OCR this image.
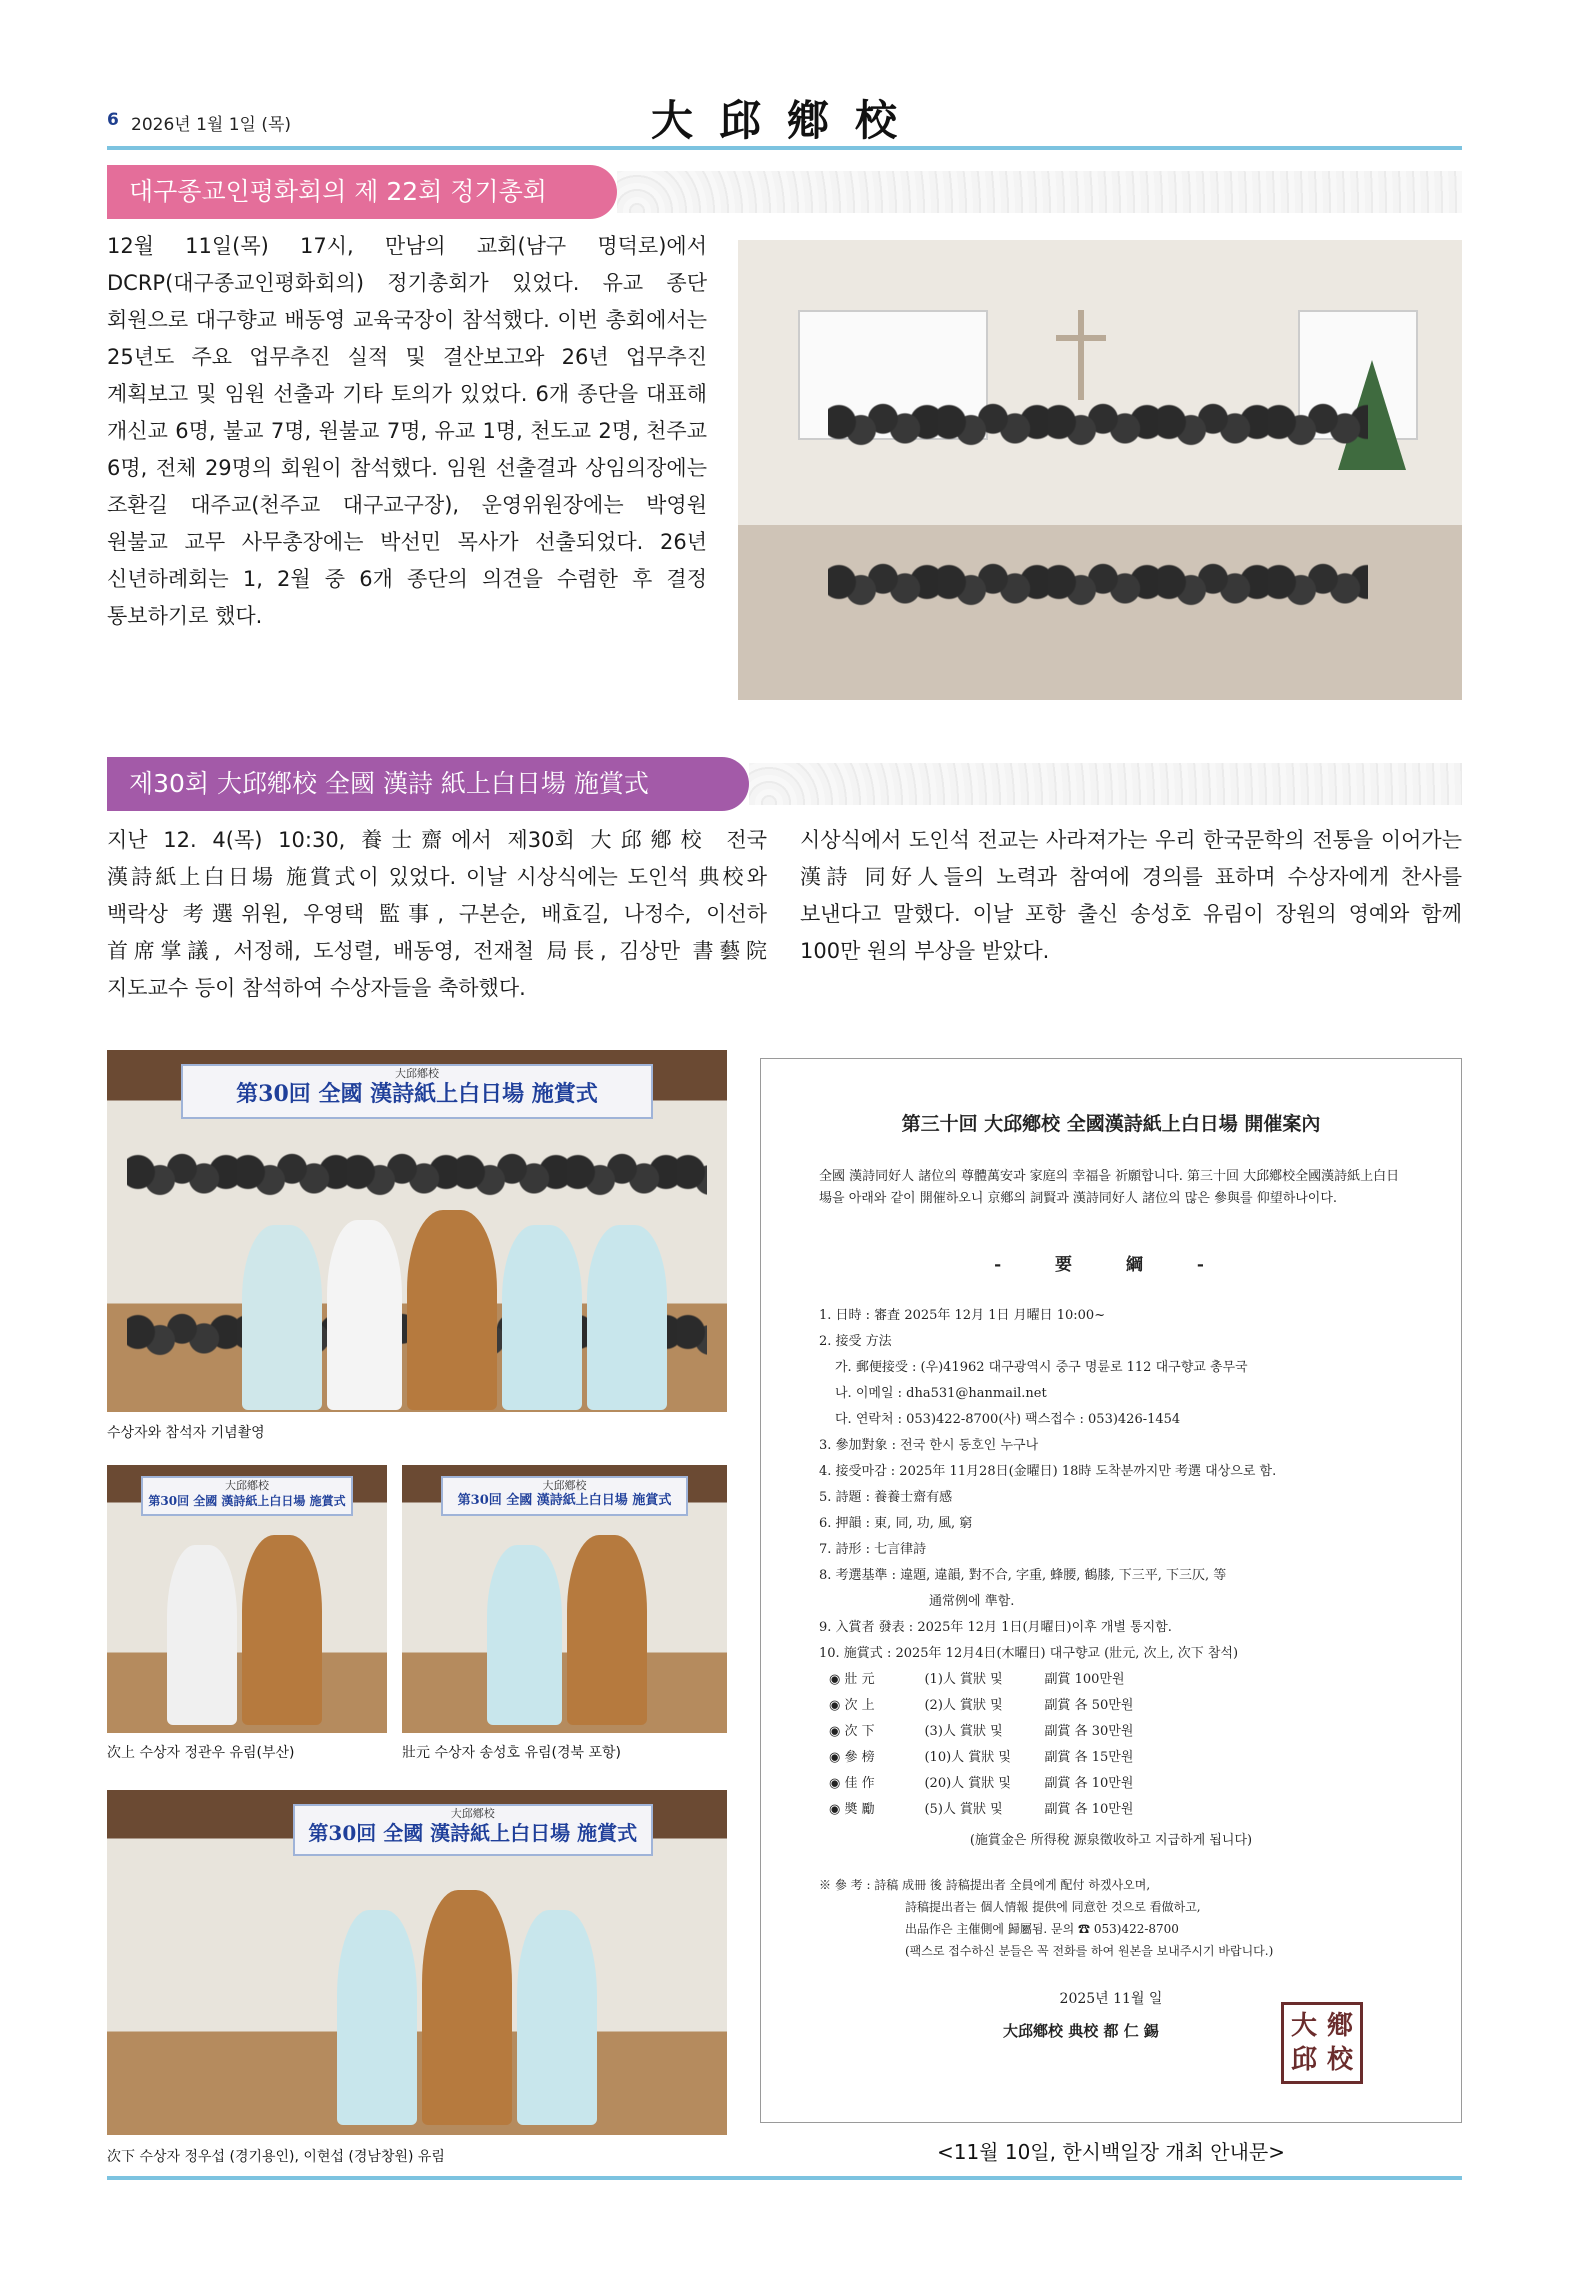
6 2026년 1월 1일 (목)	大邱鄕校
대구종교인평화회의 제 22회 정기총회

12월 11일(목) 17시, 만남의 교회(남구 명덕로)에서 DCRP(대구종교인평화회의) 정기총회가 있었다. 유교 종단 회원으로 대구향교 배동영 교육국장이 참석했다. 이번 총회에서는 25년도 주요 업무추진 실적 및 결산보고와 26년 업무추진 계획보고 및 임원 선출과 기타 토의가 있었다. 6개 종단을 대표해 개신교 6명, 불교 7명, 원불교 7명, 유교 1명, 천도교 2명, 천주교 6명, 전체 29명의 회원이 참석했다. 임원 선출결과 상임의장에는 조환길 대주교(천주교 대구교구장), 운영위원장에는 박영원 원불교 교무 사무총장에는 박선민 목사가 선출되었다. 26년 신년하례회는 1, 2월 중 6개 종단의 의견을 수렴한 후 결정 통보하기로 했다.

제30회 大邱鄕校 全國 漢詩 紙上白日場 施賞式

지난 12. 4(목) 10:30, 養士齋에서 제30회 大邱鄕校 전국 漢詩紙上白日場 施賞式이 있었다. 이날 시상식에는 도인석 典校와 백락상 考選위원, 우영택 監事, 구본순, 배효길, 나정수, 이선하 首席掌議, 서정해, 도성렬, 배동영, 전재철 局長, 김상만 書藝院 지도교수 등이 참석하여 수상자들을 축하했다.

시상식에서 도인석 전교는 사라져가는 우리 한국문학의 전통을 이어가는 漢詩 同好人들의 노력과 참여에 경의를 표하며 수상자에게 찬사를 보낸다고 말했다. 이날 포항 출신 송성호 유림이 장원의 영예와 함께 100만 원의 부상을 받았다.

大邱鄕校
第30回 全國 漢詩紙上白日場 施賞式
수상자와 참석자 기념촬영
大邱鄕校
第30回 全國 漢詩紙上白日場 施賞式
次上 수상자 정관우 유림(부산)
大邱鄕校
第30回 全國 漢詩紙上白日場 施賞式
壯元 수상자 송성호 유림(경북 포항)
大邱鄕校
第30回 全國 漢詩紙上白日場 施賞式
次下 수상자 정우섭 (경기용인), 이현섭 (경남창원) 유림
第三十回 大邱鄕校 全國漢詩紙上白日場 開催案內

全國 漢詩同好人 諸位의 尊體萬安과 家庭의 幸福을 祈願합니다. 第三十回 大邱鄕校全國漢詩紙上白日場을 아래와 같이 開催하오니 京鄕의 詞賢과 漢詩同好人 諸位의 많은 參與를 仰望하나이다.

- 要 綱 -
1. 日時 : 審査 2025年 12月 1日 月曜日 10:00~
2. 接受 方法
가. 郵便接受 : (우)41962 대구광역시 중구 명륜로 112 대구향교 총무국
나. 이메일 : dha531@hanmail.net
다. 연락처 : 053)422-8700(사) 팩스접수 : 053)426-1454
3. 參加對象 : 전국 한시 동호인 누구나
4. 接受마감 : 2025年 11月28日(金曜日) 18時 도착분까지만 考選 대상으로 함.
5. 詩題 : 養養士齋有感
6. 押韻 : 東, 同, 功, 風, 窮
7. 詩形 : 七言律詩
8. 考選基準 : 違題, 違韻, 對不合, 字重, 蜂腰, 鶴膝, 下三平, 下三仄, 等
通常例에 準함.
9. 入賞者 發表 : 2025年 12月 1日(月曜日)이후 개별 통지함.
10. 施賞式 : 2025年 12月4日(木曜日) 대구향교 (壯元, 次上, 次下 참석)
◉ 壯 元	(1)人 賞狀 및	副賞 100만원
◉ 次 上	(2)人 賞狀 및	副賞 各 50만원
◉ 次 下	(3)人 賞狀 및	副賞 各 30만원
◉ 參 榜	(10)人 賞狀 및	副賞 各 15만원
◉ 佳 作	(20)人 賞狀 및	副賞 各 10만원
◉ 奬 勵	(5)人 賞狀 및	副賞 各 10만원
(施賞金은 所得稅 源泉徵收하고 지급하게 됩니다)
※ 參 考 : 詩稿 成冊 後 詩稿提出者 全員에게 配付 하겠사오며,
詩稿提出者는 個人情報 提供에 同意한 것으로 看做하고,
出品作은 主催側에 歸屬됨. 문의 ☎ 053)422-8700
(팩스로 접수하신 분들은 꼭 전화를 하여 원본을 보내주시기 바랍니다.)
2025년 11월 일
大邱鄕校 典校 都 仁 錫	大 鄕
邱 校
<11월 10일, 한시백일장 개최 안내문>
